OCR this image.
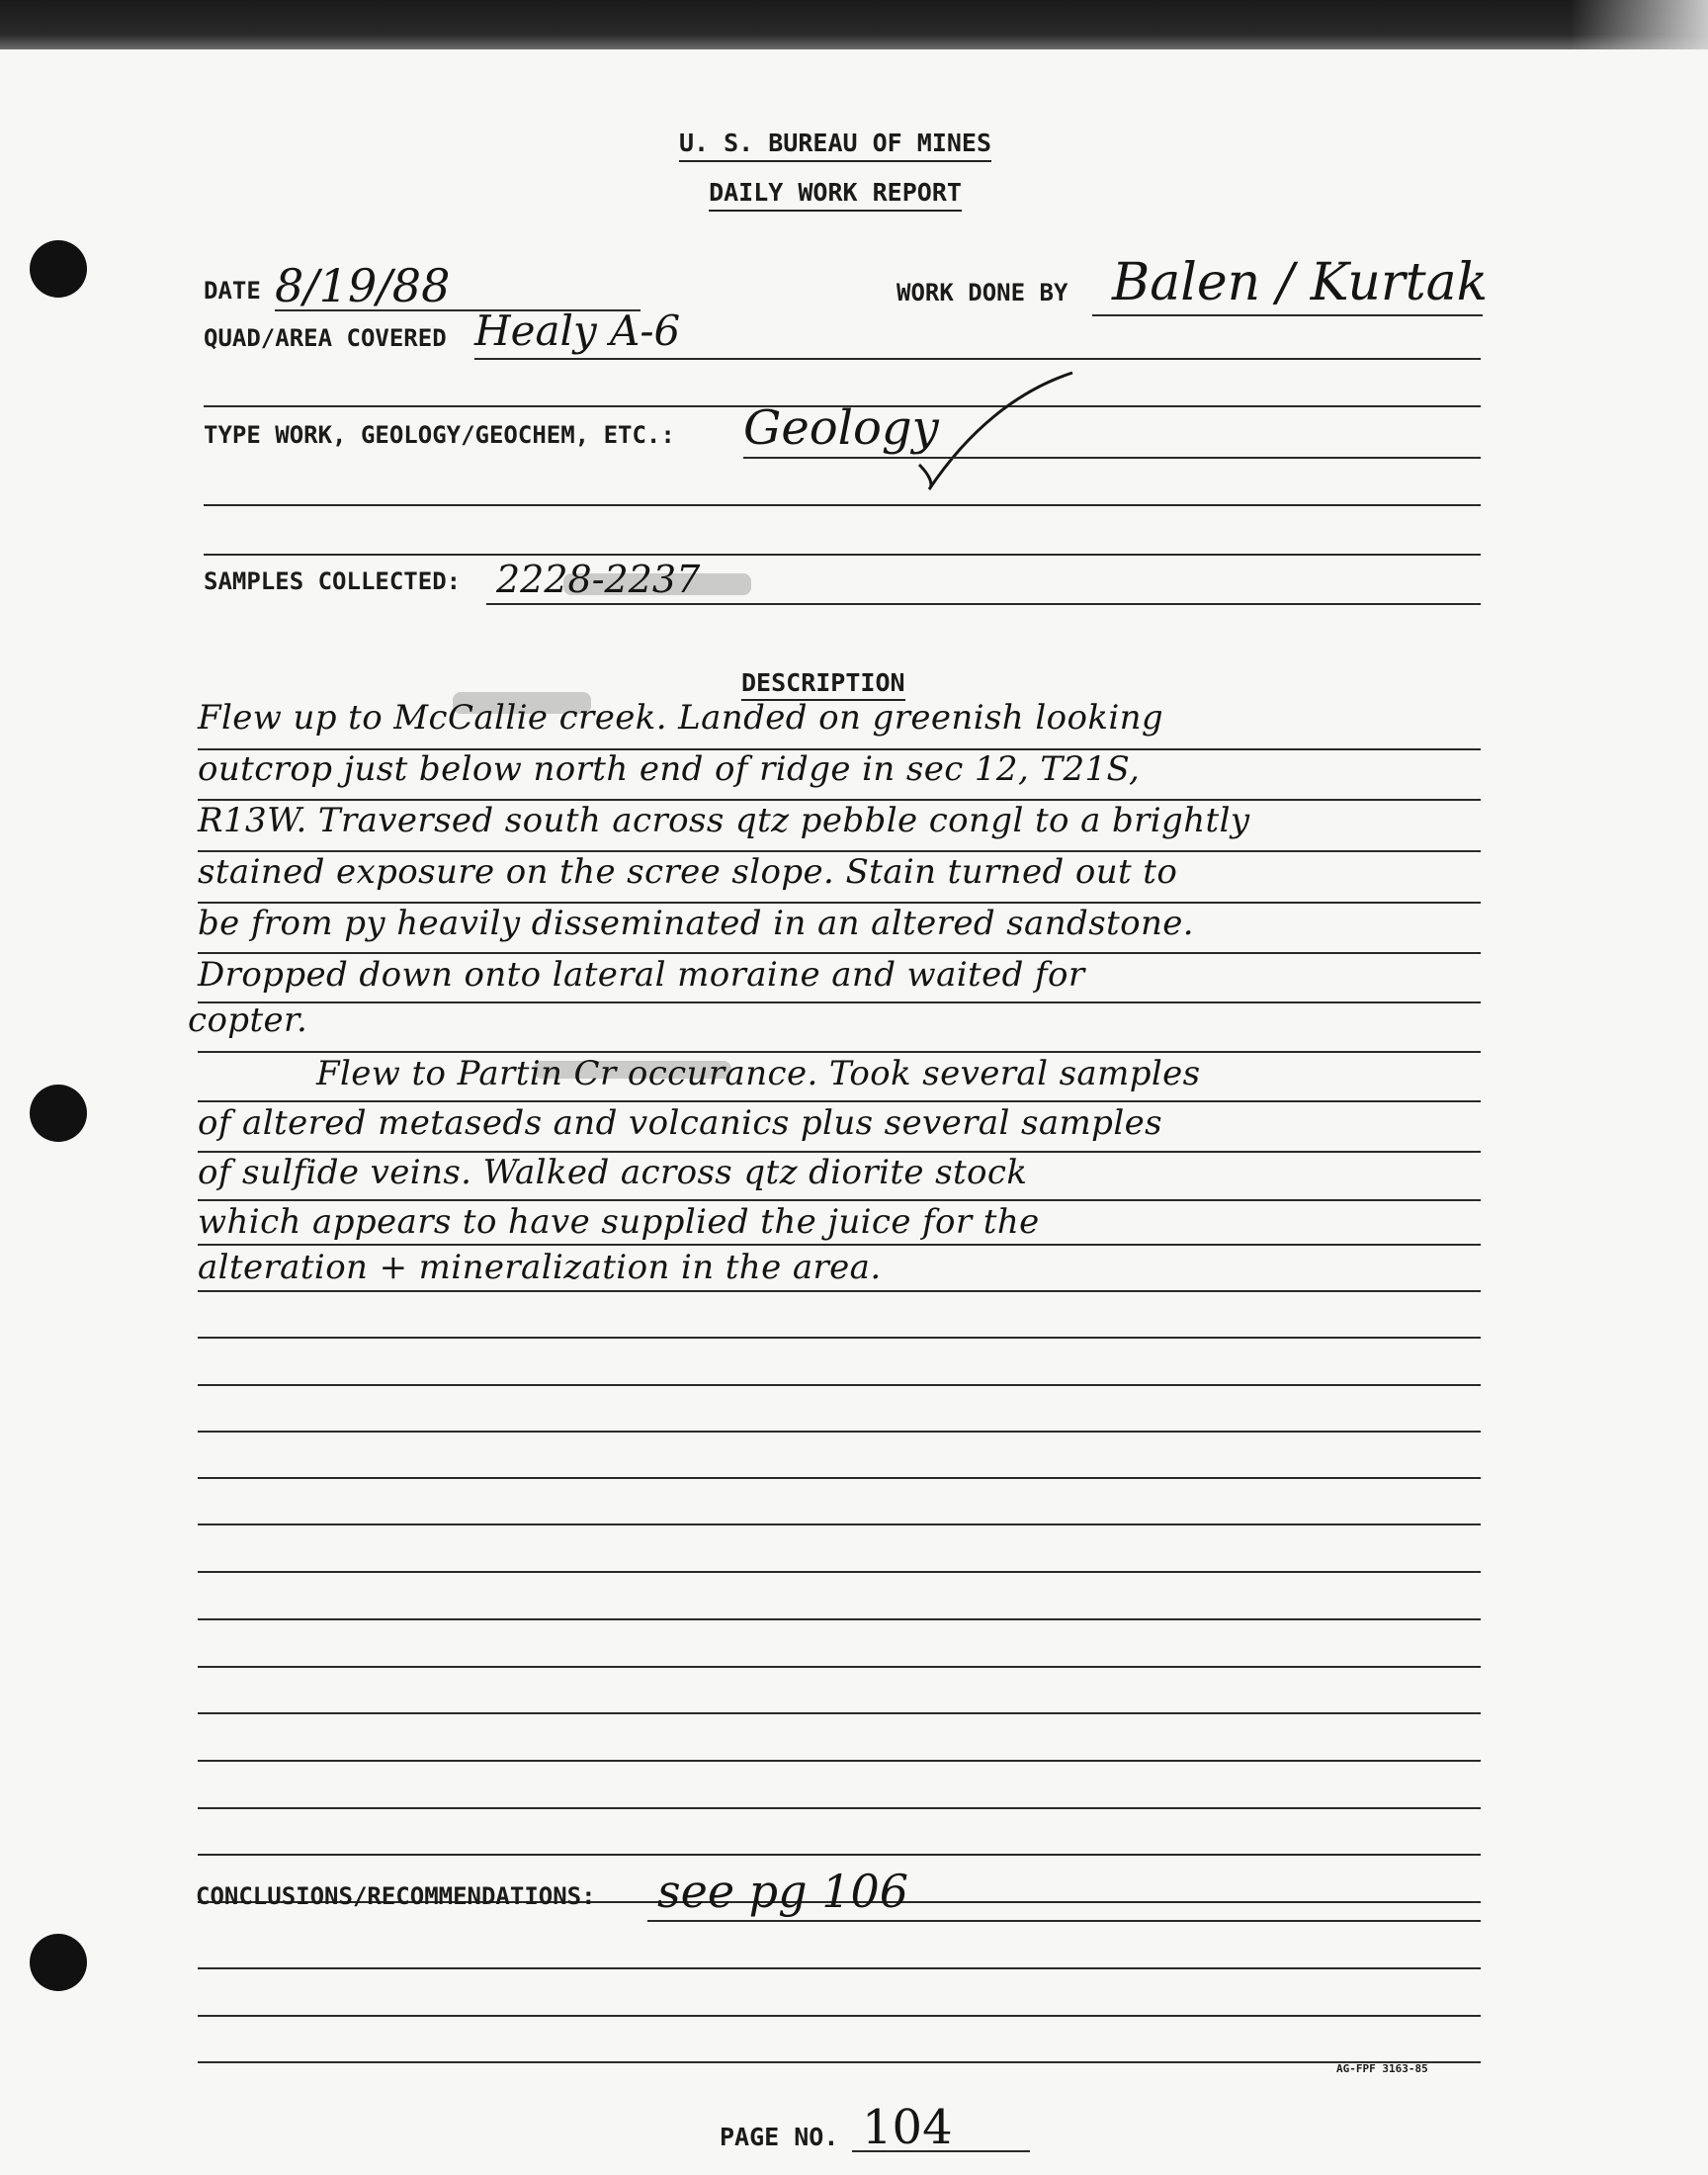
U. S. BUREAU OF MINES
DAILY WORK REPORT
DATE 8/19/88	WORK DONE BY Balen / Kurtak
QUAD/AREA COVERED Healy A-6
TYPE WORK, GEOLOGY/GEOCHEM, ETC.: Geology
SAMPLES COLLECTED: 2228-2237
DESCRIPTION
Flew up to McCallie creek. Landed on greenish looking
outcrop just below north end of ridge in sec 12, T21S,
R13W. Traversed south across qtz pebble congl to a brightly
stained exposure on the scree slope. Stain turned out to
be from py heavily disseminated in an altered sandstone.
Dropped down onto lateral moraine and waited for
copter.
Flew to Partin Cr occurance. Took several samples
of altered metaseds and volcanics plus several samples
of sulfide veins. Walked across qtz diorite stock
which appears to have supplied the juice for the
alteration + mineralization in the area.
CONCLUSIONS/RECOMMENDATIONS: see pg 106
AG-FPF 3163-85
PAGE NO. 104
